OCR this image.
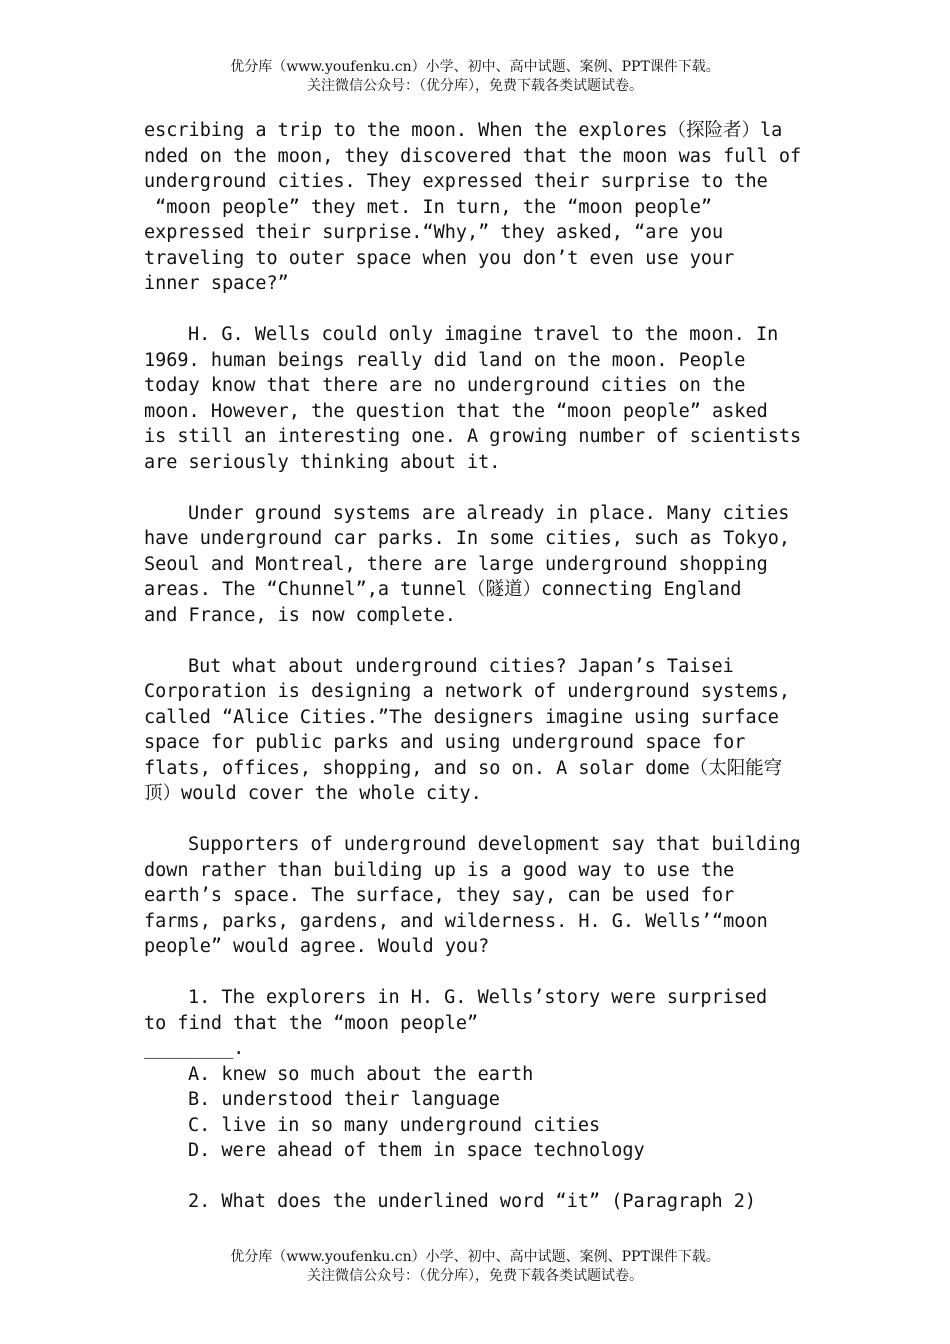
优分库（www.youfenku.cn）小学、初中、高中试题、案例、PPT课件下载。
关注微信公众号：（优分库），免费下载各类试题试卷。
escribing a trip to the moon. When the explores（探险者）la
nded on the moon, they discovered that the moon was full of
underground cities. They expressed their surprise to the
“moon people” they met. In turn, the “moon people”
expressed their surprise.“Why,” they asked, “are you
traveling to outer space when you don’t even use your
inner space?”
H. G. Wells could only imagine travel to the moon. In
1969. human beings really did land on the moon. People
today know that there are no underground cities on the
moon. However, the question that the “moon people” asked
is still an interesting one. A growing number of scientists
are seriously thinking about it.
Under ground systems are already in place. Many cities
have underground car parks. In some cities, such as Tokyo,
Seoul and Montreal, there are large underground shopping
areas. The “Chunnel”,a tunnel（隧道）connecting England
and France, is now complete.
But what about underground cities? Japan’s Taisei
Corporation is designing a network of underground systems,
called “Alice Cities.”The designers imagine using surface
space for public parks and using underground space for
flats, offices, shopping, and so on. A solar dome（太阳能穹
顶）would cover the whole city.
Supporters of underground development say that building
down rather than building up is a good way to use the
earth’s space. The surface, they say, can be used for
farms, parks, gardens, and wilderness. H. G. Wells’“moon
people” would agree. Would you?
1. The explorers in H. G. Wells’story were surprised
to find that the “moon people”
________.
A. knew so much about the earth
B. understood their language
C. live in so many underground cities
D. were ahead of them in space technology
2. What does the underlined word “it” (Paragraph 2)
优分库（www.youfenku.cn）小学、初中、高中试题、案例、PPT课件下载。
关注微信公众号：（优分库），免费下载各类试题试卷。
